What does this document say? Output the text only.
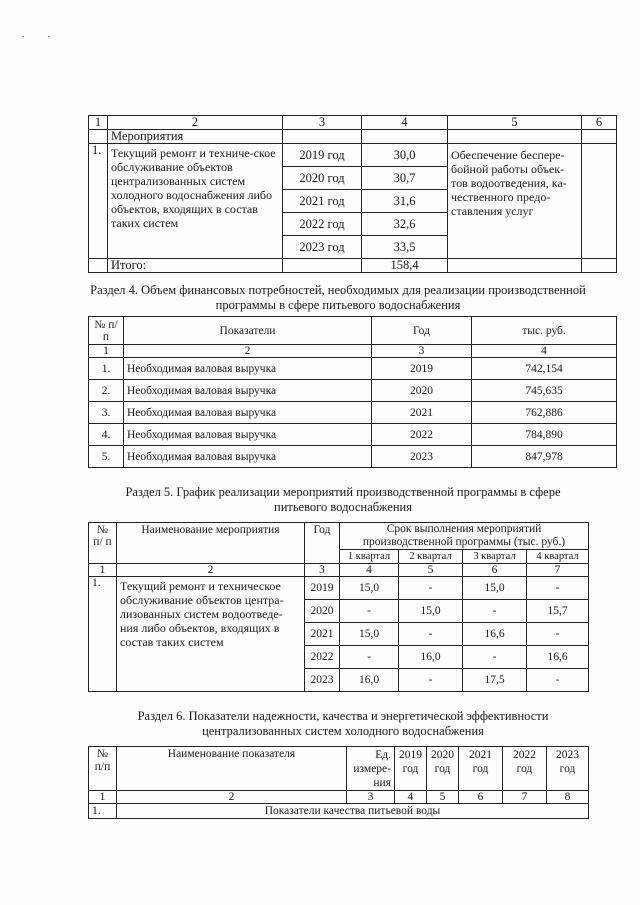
1	2	3	4	5	6
	Мероприятия				
1.	Текущий ремонт и техниче-ское обслуживание объектов централизованных систем холодного водоснабжения либо объектов, входящих в состав таких систем	2019 год	30,0	Обеспечение беспере-бойной работы объек-тов водоотведения, ка-чественного предо-ставления услуг	
		2020 год	30,7		
		2021 год	31,6		
		2022 год	32,6		
		2023 год	33,5		
	Итого:		158,4		
Раздел 4. Объем финансовых потребностей, необходимых для реализации производственной программы в сфере питьевого водоснабжения
№ п/п	Показатели	Год	тыс. руб.
1	2	3	4
1.	Необходимая валовая выручка	2019	742,154
2.	Необходимая валовая выручка	2020	745,635
3.	Необходимая валовая выручка	2021	762,886
4.	Необходимая валовая выручка	2022	784,890
5.	Необходимая валовая выручка	2023	847,978
Раздел 5. График реализации мероприятий производственной программы в сфере питьевого водоснабжения
№ п/ п	Наименование мероприятия	Год	Срок выполнения мероприятий производственной программы (тыс. руб.)			
			1 квартал	2 квартал	3 квартал	4 квартал
1	2	3	4	5	6	7
1.	Текущий ремонт и техническое обслуживание объектов центра-лизованных систем водоотведе-ния либо объектов, входящих в состав таких систем	2019	15,0	-	15,0	-
		2020	-	15,0	-	15,7
		2021	15,0	-	16,6	-
		2022	-	16,0	-	16,6
		2023	16,0	-	17,5	-
Раздел 6. Показатели надежности, качества и энергетической эффективности централизованных систем холодного водоснабжения
№ п/п	Наименование показателя	Ед. измере-ния	2019 год	2020 год	2021 год	2022 год	2023 год
1	2	3	4	5	6	7	8
1.	Показатели качества питьевой воды						
